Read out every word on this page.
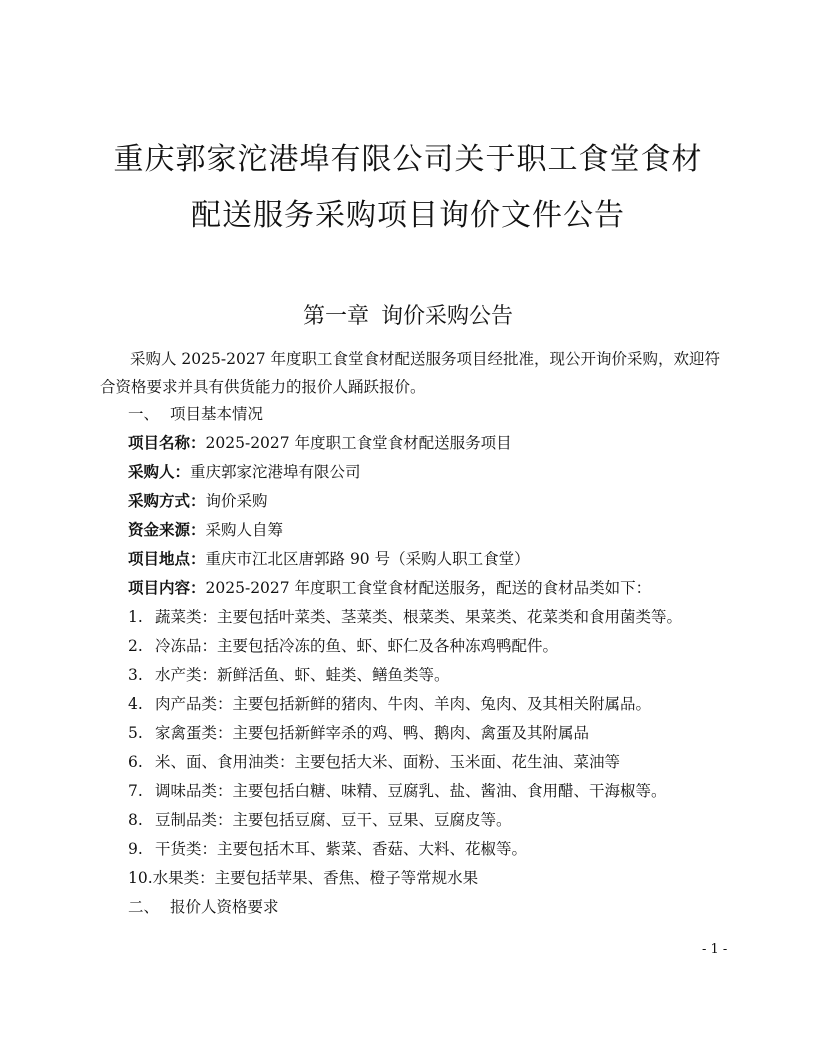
重庆郭家沱港埠有限公司关于职工食堂食材
配送服务采购项目询价文件公告
第一章 询价采购公告
采购人 2025-2027 年度职工食堂食材配送服务项目经批准，现公开询价采购，欢迎符合资格要求并具有供货能力的报价人踊跃报价。
一、 项目基本情况
项目名称：2025-2027 年度职工食堂食材配送服务项目
采购人：重庆郭家沱港埠有限公司
采购方式：询价采购
资金来源：采购人自筹
项目地点：重庆市江北区唐郭路 90 号（采购人职工食堂）
项目内容：2025-2027 年度职工食堂食材配送服务，配送的食材品类如下：
1. 蔬菜类：主要包括叶菜类、茎菜类、根菜类、果菜类、花菜类和食用菌类等。
2. 冷冻品：主要包括冷冻的鱼、虾、虾仁及各种冻鸡鸭配件。
3. 水产类：新鲜活鱼、虾、蛙类、鳝鱼类等。
4. 肉产品类：主要包括新鲜的猪肉、牛肉、羊肉、兔肉、及其相关附属品。
5. 家禽蛋类：主要包括新鲜宰杀的鸡、鸭、鹅肉、禽蛋及其附属品
6. 米、面、食用油类：主要包括大米、面粉、玉米面、花生油、菜油等
7. 调味品类：主要包括白糖、味精、豆腐乳、盐、酱油、食用醋、干海椒等。
8. 豆制品类：主要包括豆腐、豆干、豆果、豆腐皮等。
9. 干货类：主要包括木耳、紫菜、香菇、大料、花椒等。
10.水果类：主要包括苹果、香焦、橙子等常规水果
二、 报价人资格要求
- 1 -
